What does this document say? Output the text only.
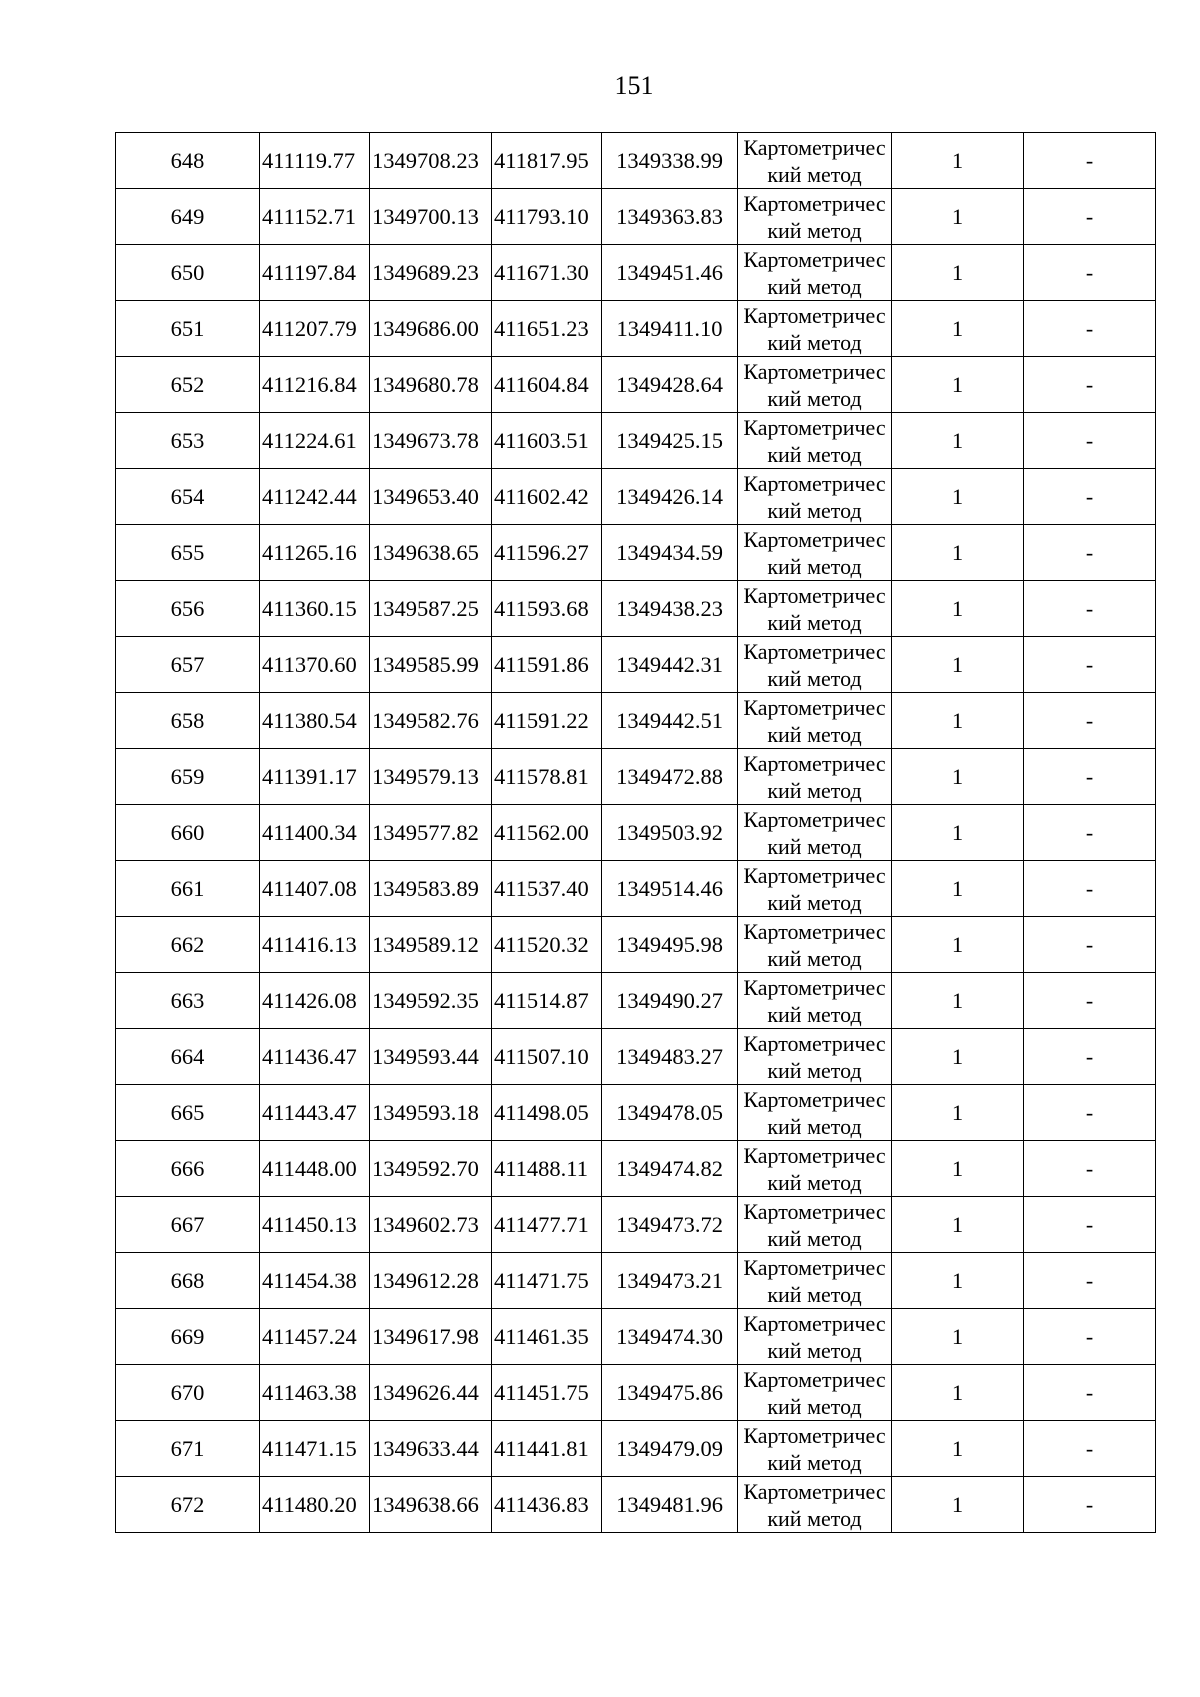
151
648	411119.77	1349708.23	411817.95	1349338.99	Картометрический метод	1	-
649	411152.71	1349700.13	411793.10	1349363.83	Картометрический метод	1	-
650	411197.84	1349689.23	411671.30	1349451.46	Картометрический метод	1	-
651	411207.79	1349686.00	411651.23	1349411.10	Картометрический метод	1	-
652	411216.84	1349680.78	411604.84	1349428.64	Картометрический метод	1	-
653	411224.61	1349673.78	411603.51	1349425.15	Картометрический метод	1	-
654	411242.44	1349653.40	411602.42	1349426.14	Картометрический метод	1	-
655	411265.16	1349638.65	411596.27	1349434.59	Картометрический метод	1	-
656	411360.15	1349587.25	411593.68	1349438.23	Картометрический метод	1	-
657	411370.60	1349585.99	411591.86	1349442.31	Картометрический метод	1	-
658	411380.54	1349582.76	411591.22	1349442.51	Картометрический метод	1	-
659	411391.17	1349579.13	411578.81	1349472.88	Картометрический метод	1	-
660	411400.34	1349577.82	411562.00	1349503.92	Картометрический метод	1	-
661	411407.08	1349583.89	411537.40	1349514.46	Картометрический метод	1	-
662	411416.13	1349589.12	411520.32	1349495.98	Картометрический метод	1	-
663	411426.08	1349592.35	411514.87	1349490.27	Картометрический метод	1	-
664	411436.47	1349593.44	411507.10	1349483.27	Картометрический метод	1	-
665	411443.47	1349593.18	411498.05	1349478.05	Картометрический метод	1	-
666	411448.00	1349592.70	411488.11	1349474.82	Картометрический метод	1	-
667	411450.13	1349602.73	411477.71	1349473.72	Картометрический метод	1	-
668	411454.38	1349612.28	411471.75	1349473.21	Картометрический метод	1	-
669	411457.24	1349617.98	411461.35	1349474.30	Картометрический метод	1	-
670	411463.38	1349626.44	411451.75	1349475.86	Картометрический метод	1	-
671	411471.15	1349633.44	411441.81	1349479.09	Картометрический метод	1	-
672	411480.20	1349638.66	411436.83	1349481.96	Картометрический метод	1	-
